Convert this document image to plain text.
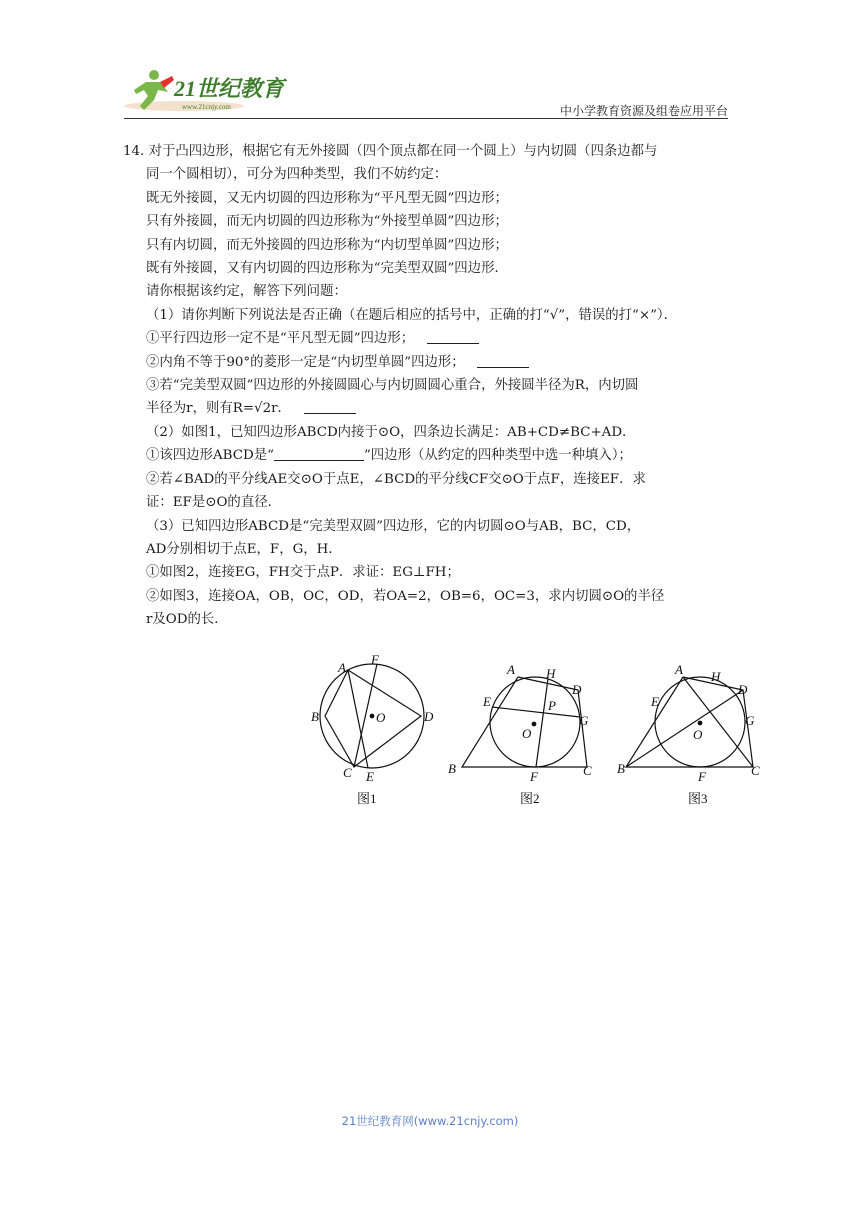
21世纪教育
www.21cnjy.com	中小学教育资源及组卷应用平台

14. 对于凸四边形，根据它有无外接圆（四个顶点都在同一个圆上）与内切圆（四条边都与

同一个圆相切），可分为四种类型，我们不妨约定：

既无外接圆，又无内切圆的四边形称为“平凡型无圆”四边形；

只有外接圆，而无内切圆的四边形称为“外接型单圆”四边形；

只有内切圆，而无外接圆的四边形称为“内切型单圆”四边形；

既有外接圆，又有内切圆的四边形称为“完美型双圆”四边形．

请你根据该约定，解答下列问题：

（1）请你判断下列说法是否正确（在题后相应的括号中，正确的打“√”，错误的打“×”）．

①平行四边形一定不是“平凡型无圆”四边形；

②内角不等于90°的菱形一定是“内切型单圆”四边形；

③若“完美型双圆”四边形的外接圆圆心与内切圆圆心重合，外接圆半径为R，内切圆

半径为r，则有R=√2r．

（2）如图1，已知四边形ABCD内接于⊙O，四条边长满足：AB+CD≠BC+AD．

①该四边形ABCD是“	”四边形（从约定的四种类型中选一种填入）；

②若∠BAD的平分线AE交⊙O于点E，∠BCD的平分线CF交⊙O于点F，连接EF．求

证：EF是⊙O的直径．

（3）已知四边形ABCD是“完美型双圆”四边形，它的内切圆⊙O与AB，BC，CD，

AD分别相切于点E，F，G，H．

①如图2，连接EG，FH交于点P．求证：EG⊥FH；

②如图3，连接OA，OB，OC，OD，若OA=2，OB=6，OC=3，求内切圆⊙O的半径

r及OD的长．

A
F
B	O	D
C E
图1
A H
D
E	P
G
O
B
F	C
图2
A H
D
E
G
O
B
F	C
图3
21世纪教育网(www.21cnjy.com)
